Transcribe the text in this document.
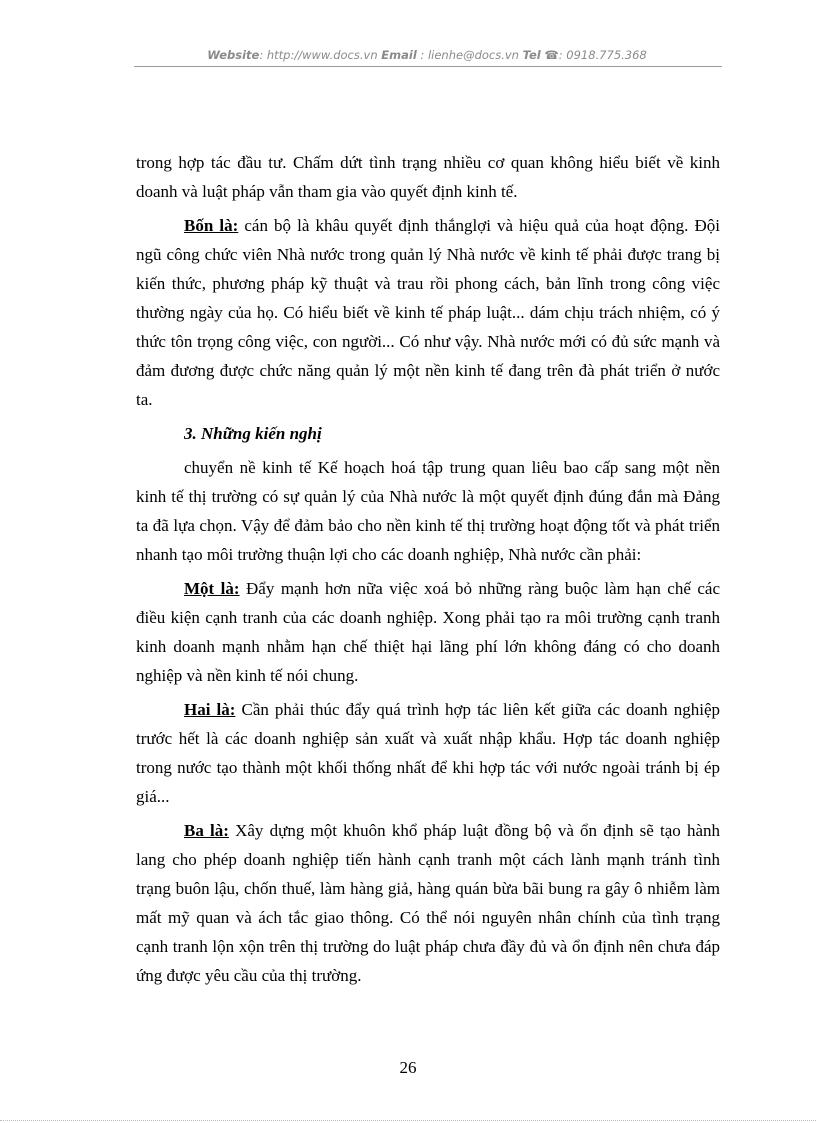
Website: http://www.docs.vn Email : lienhe@docs.vn Tel ☎: 0918.775.368

trong hợp tác đầu tư. Chấm dứt tình trạng nhiều cơ quan không hiểu biết về kinh doanh và luật pháp vẫn tham gia vào quyết định kinh tế.

Bốn là: cán bộ là khâu quyết định thắnglợi và hiệu quả của hoạt động. Đội ngũ công chức viên Nhà nước trong quản lý Nhà nước về kinh tế phải được trang bị kiến thức, phương pháp kỹ thuật và trau rồi phong cách, bản lĩnh trong công việc thường ngày của họ. Có hiểu biết về kinh tế pháp luật... dám chịu trách nhiệm, có ý thức tôn trọng công việc, con người... Có như vậy. Nhà nước mới có đủ sức mạnh và đảm đương được chức năng quản lý một nền kinh tế đang trên đà phát triển ở nước ta.

3. Những kiến nghị

chuyển nề kinh tế Kế hoạch hoá tập trung quan liêu bao cấp sang một nền kinh tế thị trường có sự quản lý của Nhà nước là một quyết định đúng đắn mà Đảng ta đã lựa chọn. Vậy để đảm bảo cho nền kinh tế thị trường hoạt động tốt và phát triển nhanh tạo môi trường thuận lợi cho các doanh nghiệp, Nhà nước cần phải:

Một là: Đẩy mạnh hơn nữa việc xoá bỏ những ràng buộc làm hạn chế các điều kiện cạnh tranh của các doanh nghiệp. Xong phải tạo ra môi trường cạnh tranh kinh doanh mạnh nhằm hạn chế thiệt hại lãng phí lớn không đáng có cho doanh nghiệp và nền kinh tế nói chung.

Hai là: Cần phải thúc đẩy quá trình hợp tác liên kết giữa các doanh nghiệp trước hết là các doanh nghiệp sản xuất và xuất nhập khẩu. Hợp tác doanh nghiệp trong nước tạo thành một khối thống nhất để khi hợp tác với nước ngoài tránh bị ép giá...

Ba là: Xây dựng một khuôn khổ pháp luật đồng bộ và ổn định sẽ tạo hành lang cho phép doanh nghiệp tiến hành cạnh tranh một cách lành mạnh tránh tình trạng buôn lậu, chốn thuế, làm hàng giả, hàng quán bừa bãi bung ra gây ô nhiễm làm mất mỹ quan và ách tắc giao thông. Có thể nói nguyên nhân chính của tình trạng cạnh tranh lộn xộn trên thị trường do luật pháp chưa đầy đủ và ổn định nên chưa đáp ứng được yêu cầu của thị trường.

26
